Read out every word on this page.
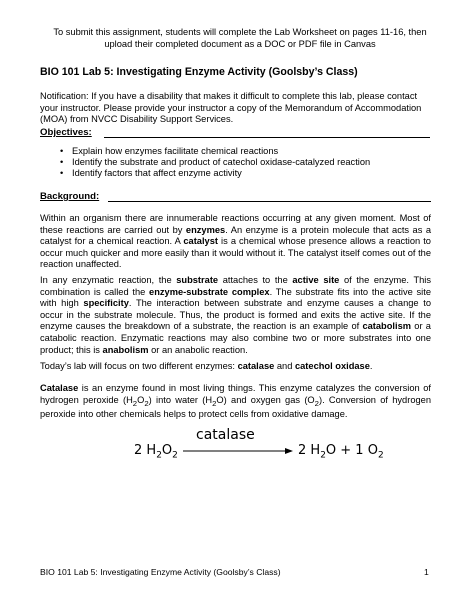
To submit this assignment, students will complete the Lab Worksheet on pages 11-16, then
upload their completed document as a DOC or PDF file in Canvas
BIO 101 Lab 5: Investigating Enzyme Activity (Goolsby’s Class)
Notification: If you have a disability that makes it difficult to complete this lab, please contact
your instructor. Please provide your instructor a copy of the Memorandum of Accommodation
(MOA) from NVCC Disability Support Services.
Objectives:
• Explain how enzymes facilitate chemical reactions
• Identify the substrate and product of catechol oxidase-catalyzed reaction
• Identify factors that affect enzyme activity
Background:
Within an organism there are innumerable reactions occurring at any given moment. Most of these reactions are carried out by enzymes. An enzyme is a protein molecule that acts as a catalyst for a chemical reaction. A catalyst is a chemical whose presence allows a reaction to occur much quicker and more easily than it would without it. The catalyst itself comes out of the reaction unaffected.
In any enzymatic reaction, the substrate attaches to the active site of the enzyme. This combination is called the enzyme-substrate complex. The substrate fits into the active site with high specificity. The interaction between substrate and enzyme causes a change to occur in the substrate molecule. Thus, the product is formed and exits the active site. If the enzyme causes the breakdown of a substrate, the reaction is an example of catabolism or a catabolic reaction. Enzymatic reactions may also combine two or more substrates into one product; this is anabolism or an anabolic reaction.
Today’s lab will focus on two different enzymes: catalase and catechol oxidase.
Catalase is an enzyme found in most living things. This enzyme catalyzes the conversion of hydrogen peroxide $(H_2O_2)$ into water $(H_2O)$ and oxygen gas $(O_2)$. Conversion of hydrogen peroxide into other chemicals helps to protect cells from oxidative damage.
catalase
2 $H_2O_2$	2 $H_2O + 1$ $O_2$
BIO 101 Lab 5: Investigating Enzyme Activity (Goolsby’s Class)	1
